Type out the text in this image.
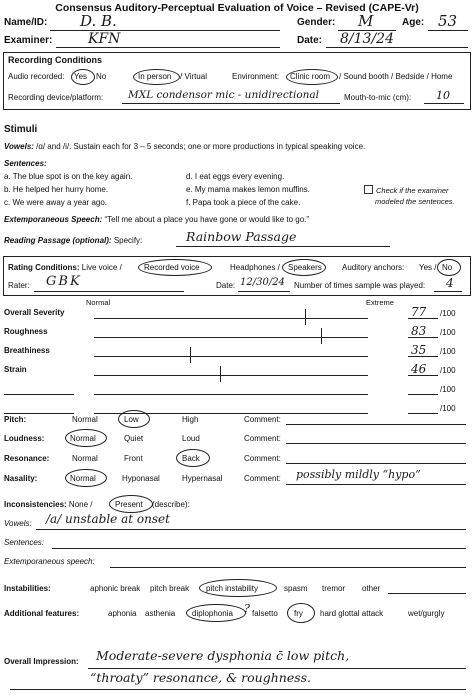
Consensus Auditory-Perceptual Evaluation of Voice – Revised (CAPE-Vr)
Name/ID: D. B.	Gender: M	Age: 53
Examiner:	KFN	Date: 8/13/24
Recording Conditions
Audio recorded: Yes No	In person / Virtual	Environment: Clinic room / Sound booth / Bedside / Home
Recording device/platform: MXL condensor mic - unidirectional	Mouth-to-mic (cm): 10
Stimuli
Vowels: /ɑ/ and /i/. Sustain each for 3 – 5 seconds; one or more productions in typical speaking voice.
Sentences:
a. The blue spot is on the key again.
b. He helped her hurry home.
c. We were away a year ago.
d. I eat eggs every evening.
e. My mama makes lemon muffins.
f. Papa took a piece of the cake.
Check if the examiner
modeled the sentences.
Extemporaneous Speech: “Tell me about a place you have gone or would like to go.”
Reading Passage (optional): Specify:	Rainbow Passage
Rating Conditions: Live voice /	Recorded voice	Headphones / Speakers	Auditory anchors: Yes / No
Rater: GBK	Date: 12/30/24 Number of times sample was played: 4
Normal	Extreme
Overall Severity	77 /100
Roughness	83 /100
Breathiness	35 /100
Strain	46 /100
/100
/100
Pitch:	Normal	Low	High	Comment:
Loudness:	Normal	Quiet	Loud	Comment:
Resonance:	Normal	Front	Back	Comment:
Nasality:	Normal	Hyponasal	Hypernasal	Comment: possibly mildly “hypo”
Inconsistencies: None /	Present (describe):
Vowels: /a/ unstable at onset
Sentences:
Extemporaneous speech:
Instabilities:	aphonic break pitch break pitch instability	spasm tremor other
Additional features:	aphonia asthenia diplophonia ? falsetto fry hard glottal attack	wet/gurgly
Overall Impression: Moderate-severe dysphonia c̄ low pitch,
“throaty” resonance, & roughness.
